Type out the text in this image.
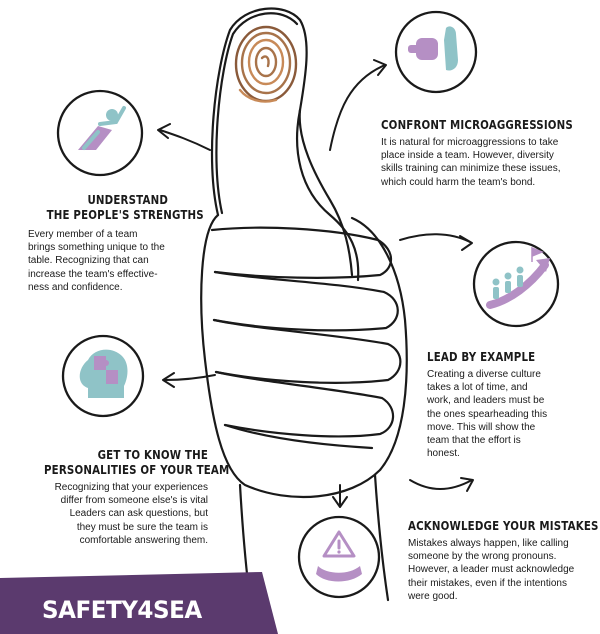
CONFRONT MICROAGGRESSIONS
It is natural for microaggressions to take
place inside a team. However, diversity
skills training can minimize these issues,
which could harm the team's bond.
UNDERSTAND
THE PEOPLE'S STRENGTHS
Every member of a team
brings something unique to the
table. Recognizing that can
increase the team's effective-
ness and confidence.
LEAD BY EXAMPLE
Creating a diverse culture
takes a lot of time, and
work, and leaders must be
the ones spearheading this
move. This will show the
team that the effort is
honest.
GET TO KNOW THE
PERSONALITIES OF YOUR TEAM
Recognizing that your experiences
differ from someone else's is vital
Leaders can ask questions, but
they must be sure the team is
comfortable answering them.
ACKNOWLEDGE YOUR MISTAKES
Mistakes always happen, like calling
someone by the wrong pronouns.
However, a leader must acknowledge
their mistakes, even if the intentions
were good.
SAFETY4SEA
